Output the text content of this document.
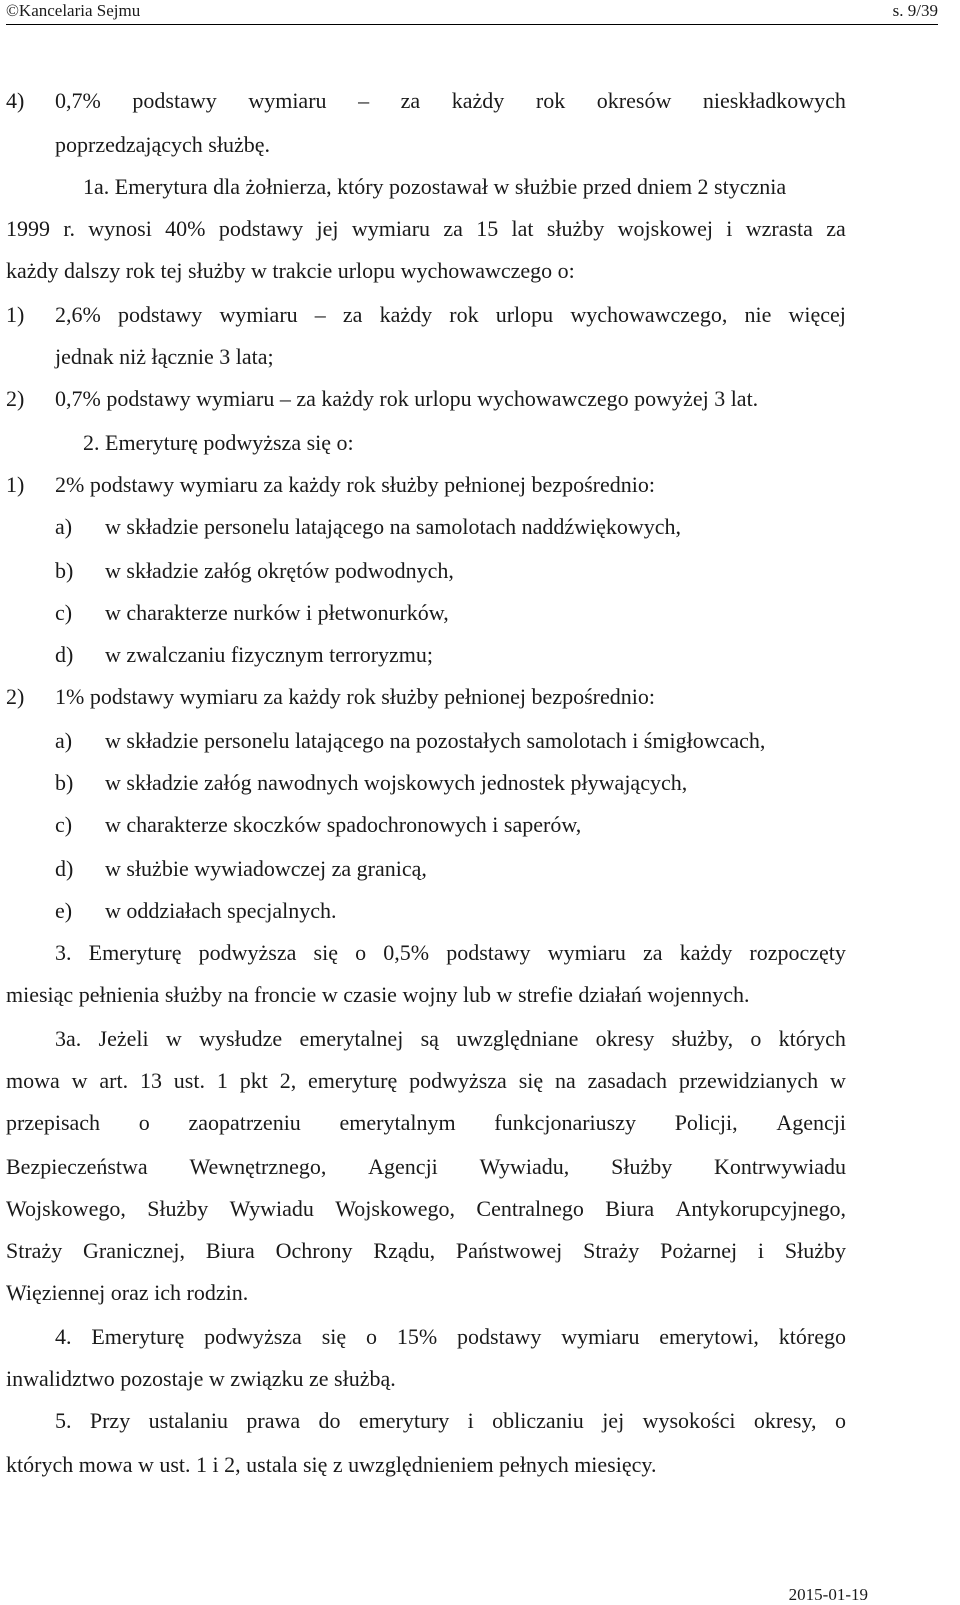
©Kancelaria Sejmu	s. 9/39
4) 0,7% podstawy wymiaru – za każdy rok okresów nieskładkowych
poprzedzających służbę.
1a. Emerytura dla żołnierza, który pozostawał w służbie przed dniem 2 stycznia
1999 r. wynosi 40% podstawy jej wymiaru za 15 lat służby wojskowej i wzrasta za
każdy dalszy rok tej służby w trakcie urlopu wychowawczego o:
1) 2,6% podstawy wymiaru – za każdy rok urlopu wychowawczego, nie więcej
jednak niż łącznie 3 lata;
2) 0,7% podstawy wymiaru – za każdy rok urlopu wychowawczego powyżej 3 lat.
2. Emeryturę podwyższa się o:
1) 2% podstawy wymiaru za każdy rok służby pełnionej bezpośrednio:
a) w składzie personelu latającego na samolotach naddźwiękowych,
b) w składzie załóg okrętów podwodnych,
c) w charakterze nurków i płetwonurków,
d) w zwalczaniu fizycznym terroryzmu;
2) 1% podstawy wymiaru za każdy rok służby pełnionej bezpośrednio:
a) w składzie personelu latającego na pozostałych samolotach i śmigłowcach,
b) w składzie załóg nawodnych wojskowych jednostek pływających,
c) w charakterze skoczków spadochronowych i saperów,
d) w służbie wywiadowczej za granicą,
e) w oddziałach specjalnych.
3. Emeryturę podwyższa się o 0,5% podstawy wymiaru za każdy rozpoczęty
miesiąc pełnienia służby na froncie w czasie wojny lub w strefie działań wojennych.
3a. Jeżeli w wysłudze emerytalnej są uwzględniane okresy służby, o których
mowa w art. 13 ust. 1 pkt 2, emeryturę podwyższa się na zasadach przewidzianych w
przepisach o zaopatrzeniu emerytalnym funkcjonariuszy Policji, Agencji
Bezpieczeństwa Wewnętrznego, Agencji Wywiadu, Służby Kontrwywiadu
Wojskowego, Służby Wywiadu Wojskowego, Centralnego Biura Antykorupcyjnego,
Straży Granicznej, Biura Ochrony Rządu, Państwowej Straży Pożarnej i Służby
Więziennej oraz ich rodzin.
4. Emeryturę podwyższa się o 15% podstawy wymiaru emerytowi, którego
inwalidztwo pozostaje w związku ze służbą.
5. Przy ustalaniu prawa do emerytury i obliczaniu jej wysokości okresy, o
których mowa w ust. 1 i 2, ustala się z uwzględnieniem pełnych miesięcy.
2015-01-19
